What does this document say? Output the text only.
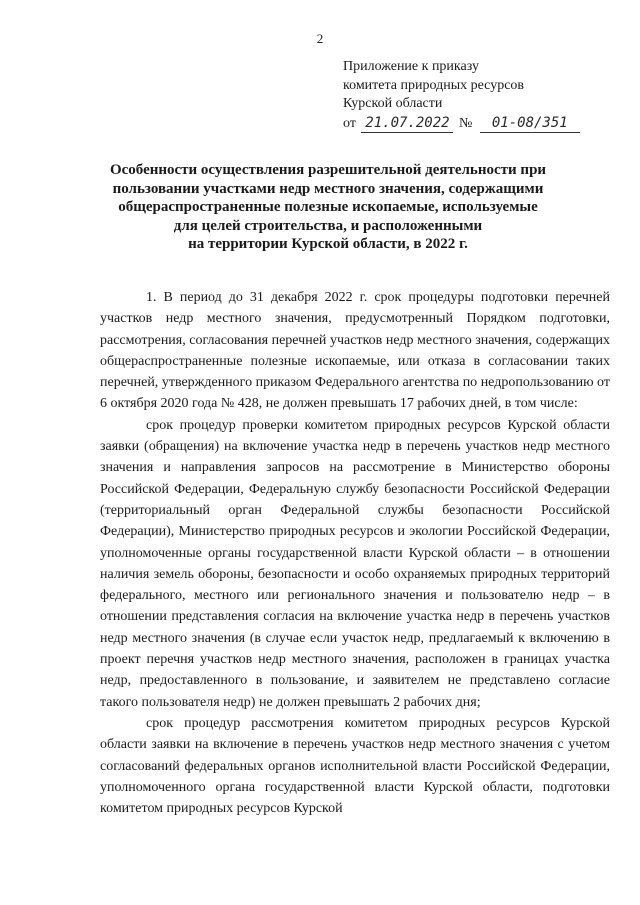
2
Приложение к приказу
комитета природных ресурсов
Курской области
от 21.07.2022 № 01-08/351
Особенности осуществления разрешительной деятельности при
пользовании участками недр местного значения, содержащими
общераспространенные полезные ископаемые, используемые
для целей строительства, и расположенными
на территории Курской области, в 2022 г.

1. В период до 31 декабря 2022 г. срок процедуры подготовки перечней участков недр местного значения, предусмотренный Порядком подготовки, рассмотрения, согласования перечней участков недр местного значения, содержащих общераспространенные полезные ископаемые, или отказа в согласовании таких перечней, утвержденного приказом Федерального агентства по недропользованию от 6 октября 2020 года № 428, не должен превышать 17 рабочих дней, в том числе:

срок процедур проверки комитетом природных ресурсов Курской области заявки (обращения) на включение участка недр в перечень участков недр местного значения и направления запросов на рассмотрение в Министерство обороны Российской Федерации, Федеральную службу безопасности Российской Федерации (территориальный орган Федеральной службы безопасности Российской Федерации), Министерство природных ресурсов и экологии Российской Федерации, уполномоченные органы государственной власти Курской области – в отношении наличия земель обороны, безопасности и особо охраняемых природных территорий федерального, местного или регионального значения и пользователю недр – в отношении представления согласия на включение участка недр в перечень участков недр местного значения (в случае если участок недр, предлагаемый к включению в проект перечня участков недр местного значения, расположен в границах участка недр, предоставленного в пользование, и заявителем не представлено согласие такого пользователя недр) не должен превышать 2 рабочих дня;

срок процедур рассмотрения комитетом природных ресурсов Курской области заявки на включение в перечень участков недр местного значения с учетом согласований федеральных органов исполнительной власти Российской Федерации, уполномоченного органа государственной власти Курской области, подготовки комитетом природных ресурсов Курской
